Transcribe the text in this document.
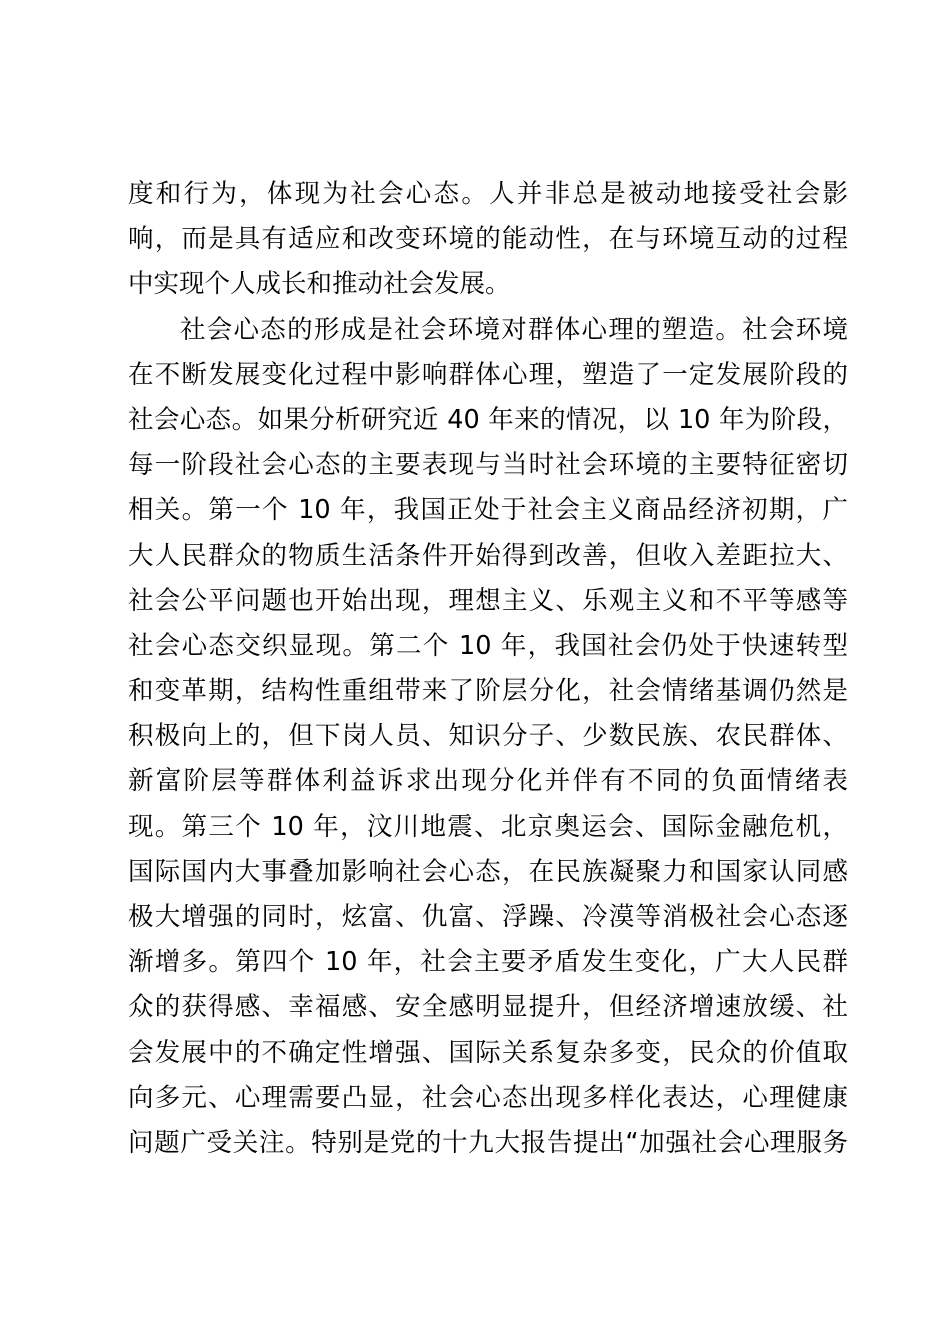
度和行为，体现为社会心态。人并非总是被动地接受社会影
响，而是具有适应和改变环境的能动性，在与环境互动的过程
中实现个人成长和推动社会发展。
社会心态的形成是社会环境对群体心理的塑造。社会环境
在不断发展变化过程中影响群体心理，塑造了一定发展阶段的
社会心态。如果分析研究近 40 年来的情况，以 10 年为阶段，
每一阶段社会心态的主要表现与当时社会环境的主要特征密切
相关。第一个 10 年，我国正处于社会主义商品经济初期，广
大人民群众的物质生活条件开始得到改善，但收入差距拉大、
社会公平问题也开始出现，理想主义、乐观主义和不平等感等
社会心态交织显现。第二个 10 年，我国社会仍处于快速转型
和变革期，结构性重组带来了阶层分化，社会情绪基调仍然是
积极向上的，但下岗人员、知识分子、少数民族、农民群体、
新富阶层等群体利益诉求出现分化并伴有不同的负面情绪表
现。第三个 10 年，汶川地震、北京奥运会、国际金融危机，
国际国内大事叠加影响社会心态，在民族凝聚力和国家认同感
极大增强的同时，炫富、仇富、浮躁、冷漠等消极社会心态逐
渐增多。第四个 10 年，社会主要矛盾发生变化，广大人民群
众的获得感、幸福感、安全感明显提升，但经济增速放缓、社
会发展中的不确定性增强、国际关系复杂多变，民众的价值取
向多元、心理需要凸显，社会心态出现多样化表达，心理健康
问题广受关注。特别是党的十九大报告提出“加强社会心理服务
